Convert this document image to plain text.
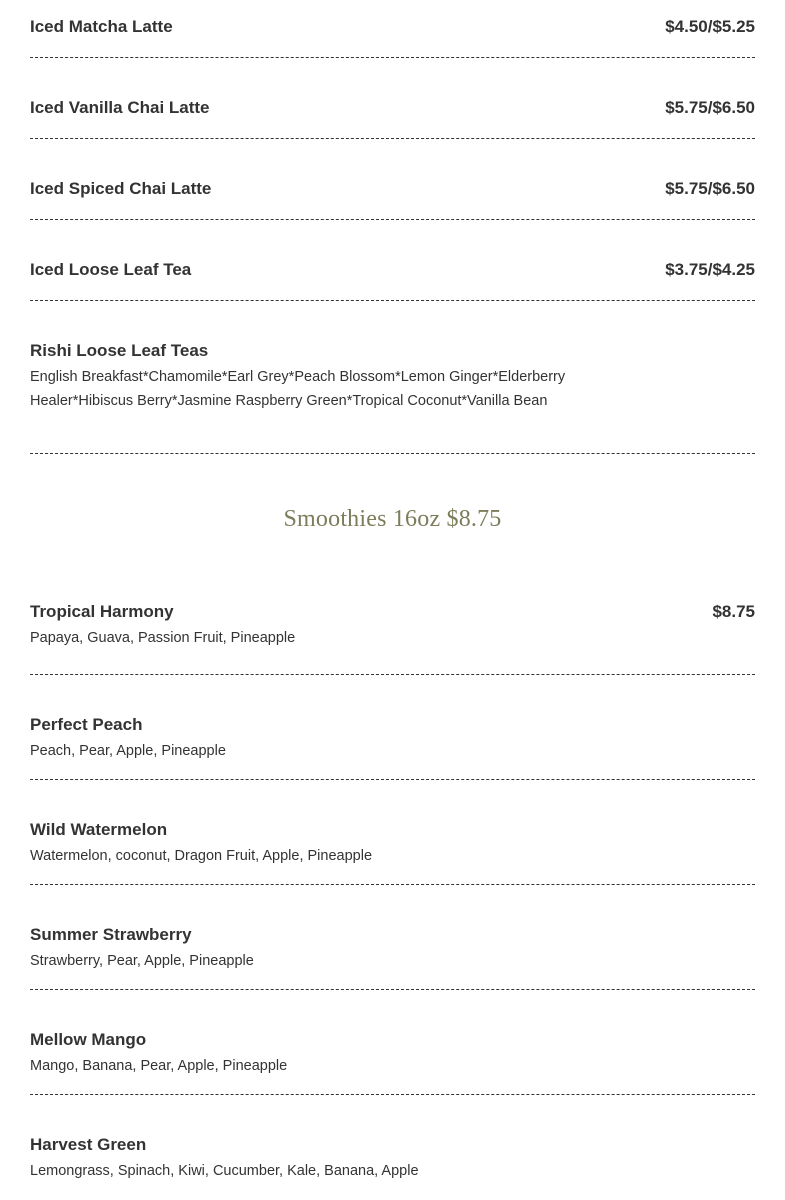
Iced Matcha Latte	$4.50/$5.25
Iced Vanilla Chai Latte	$5.75/$6.50
Iced Spiced Chai Latte	$5.75/$6.50
Iced Loose Leaf Tea	$3.75/$4.25
Rishi Loose Leaf Teas
English Breakfast*Chamomile*Earl Grey*Peach Blossom*Lemon Ginger*Elderberry Healer*Hibiscus Berry*Jasmine Raspberry Green*Tropical Coconut*Vanilla Bean
Smoothies 16oz $8.75
Tropical Harmony	$8.75
Papaya, Guava, Passion Fruit, Pineapple
Perfect Peach
Peach, Pear, Apple, Pineapple
Wild Watermelon
Watermelon, coconut, Dragon Fruit, Apple, Pineapple
Summer Strawberry
Strawberry, Pear, Apple, Pineapple
Mellow Mango
Mango, Banana, Pear, Apple, Pineapple
Harvest Green
Lemongrass, Spinach, Kiwi, Cucumber, Kale, Banana, Apple
